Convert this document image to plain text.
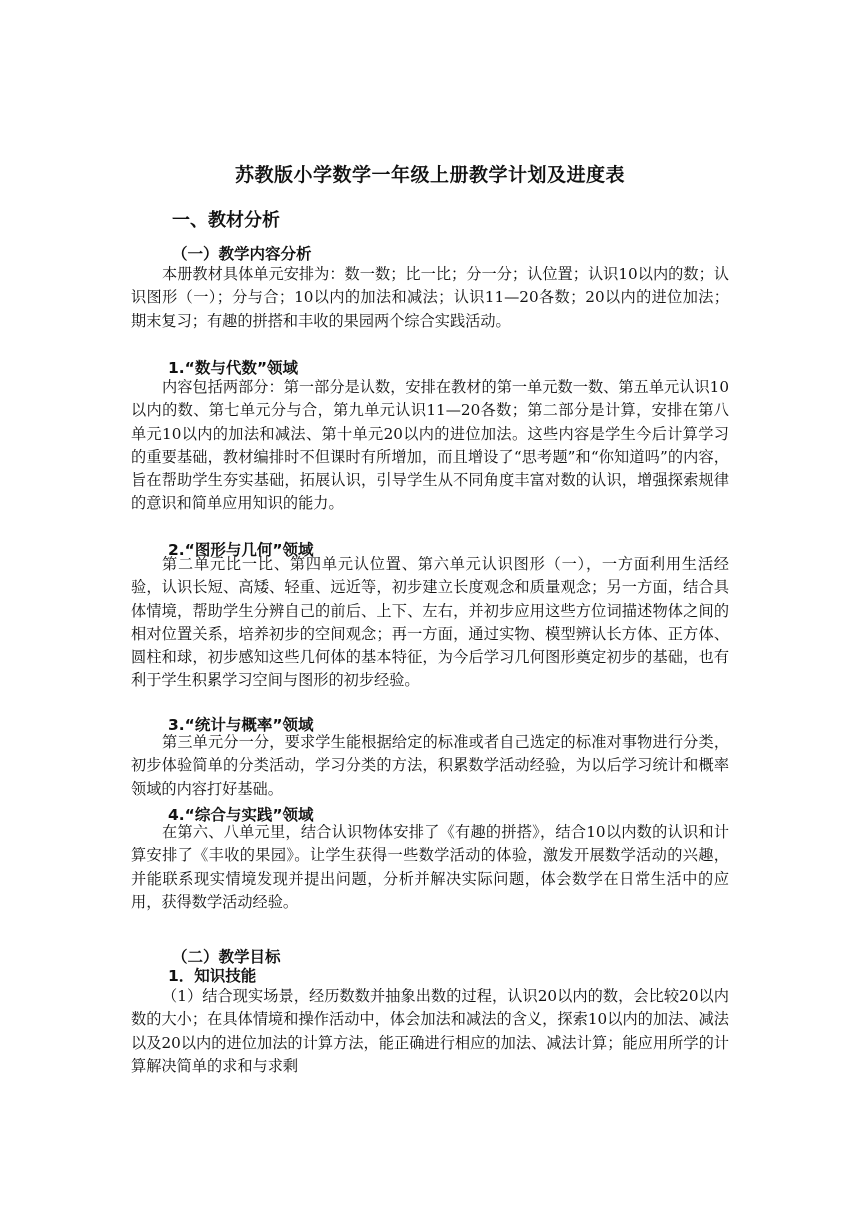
苏教版小学数学一年级上册教学计划及进度表
一、教材分析
（一）教学内容分析
本册教材具体单元安排为：数一数；比一比；分一分；认位置；认识10以内的数；认识图形（一）；分与合；10以内的加法和减法；认识11—20各数；20以内的进位加法；期末复习；有趣的拼搭和丰收的果园两个综合实践活动。
1.“数与代数”领域
内容包括两部分：第一部分是认数，安排在教材的第一单元数一数、第五单元认识10以内的数、第七单元分与合，第九单元认识11—20各数；第二部分是计算，安排在第八单元10以内的加法和减法、第十单元20以内的进位加法。这些内容是学生今后计算学习的重要基础，教材编排时不但课时有所增加，而且增设了“思考题”和“你知道吗”的内容，旨在帮助学生夯实基础，拓展认识，引导学生从不同角度丰富对数的认识，增强探索规律的意识和简单应用知识的能力。
2.“图形与几何”领域
第二单元比一比、第四单元认位置、第六单元认识图形（一），一方面利用生活经验，认识长短、高矮、轻重、远近等，初步建立长度观念和质量观念；另一方面，结合具体情境，帮助学生分辨自己的前后、上下、左右，并初步应用这些方位词描述物体之间的相对位置关系，培养初步的空间观念；再一方面，通过实物、模型辨认长方体、正方体、圆柱和球，初步感知这些几何体的基本特征，为今后学习几何图形奠定初步的基础，也有利于学生积累学习空间与图形的初步经验。
3.“统计与概率”领域
第三单元分一分，要求学生能根据给定的标准或者自己选定的标准对事物进行分类，初步体验简单的分类活动，学习分类的方法，积累数学活动经验，为以后学习统计和概率领域的内容打好基础。
4.“综合与实践”领域
在第六、八单元里，结合认识物体安排了《有趣的拼搭》，结合10以内数的认识和计算安排了《丰收的果园》。让学生获得一些数学活动的体验，激发开展数学活动的兴趣，并能联系现实情境发现并提出问题，分析并解决实际问题，体会数学在日常生活中的应用，获得数学活动经验。
（二）教学目标
1．知识技能
（1）结合现实场景，经历数数并抽象出数的过程，认识20以内的数，会比较20以内数的大小；在具体情境和操作活动中，体会加法和减法的含义，探索10以内的加法、减法以及20以内的进位加法的计算方法，能正确进行相应的加法、减法计算；能应用所学的计算解决简单的求和与求剩
